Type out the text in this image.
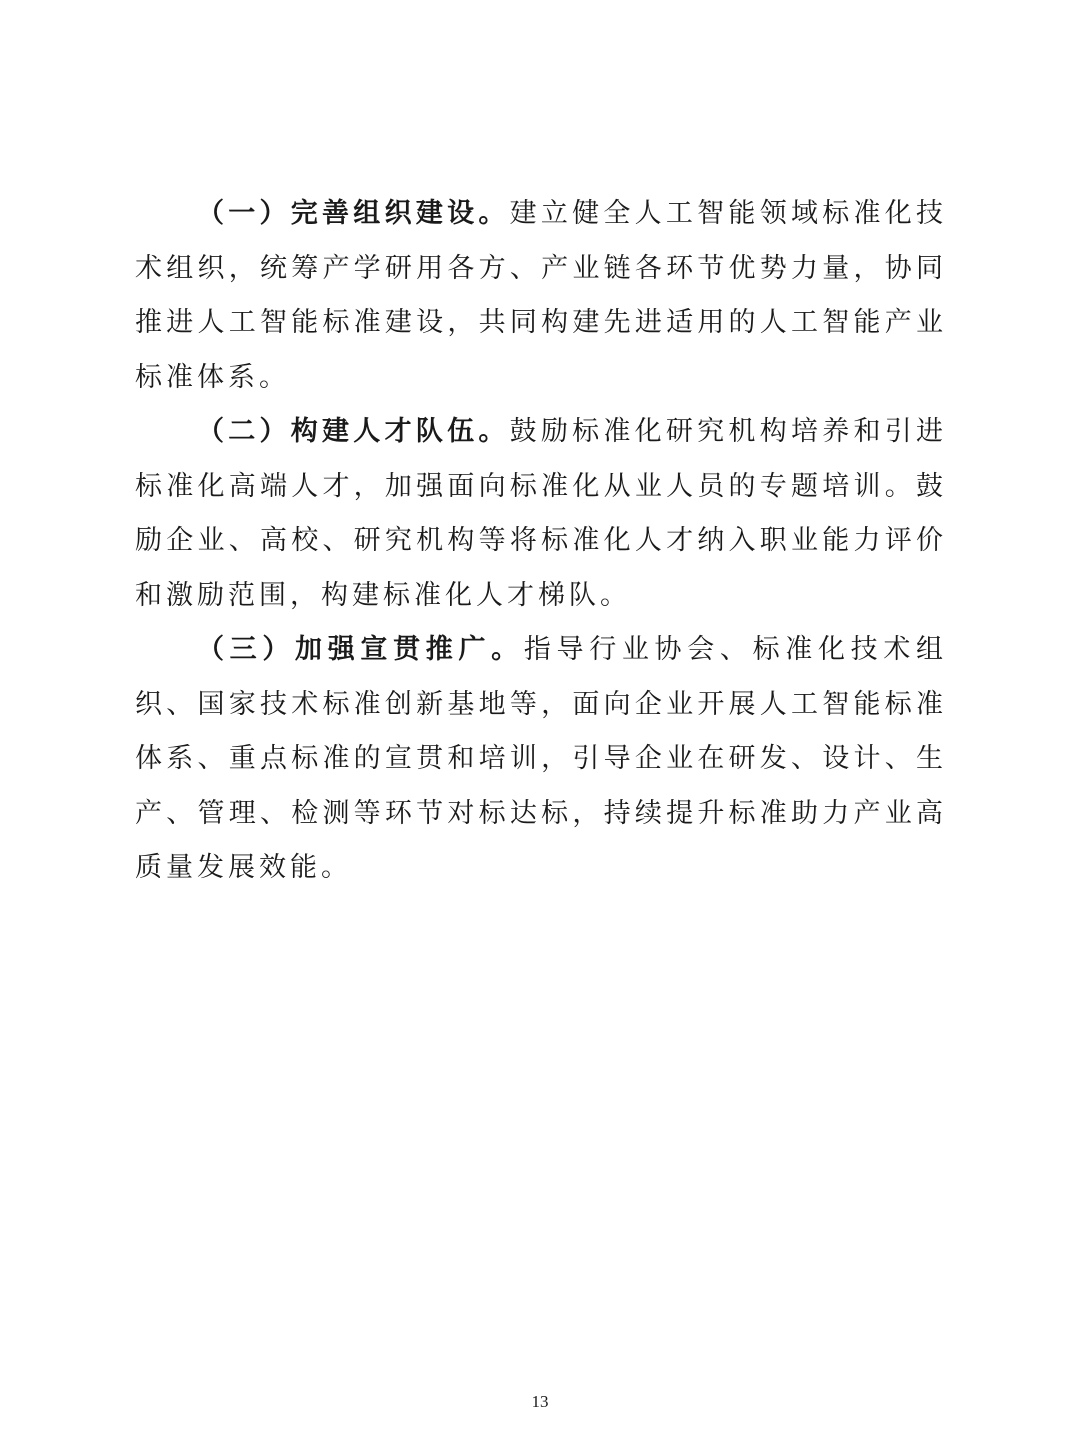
（一）完善组织建设。建立健全人工智能领域标准化技术组织，统筹产学研用各方、产业链各环节优势力量，协同推进人工智能标准建设，共同构建先进适用的人工智能产业标准体系。

（二）构建人才队伍。鼓励标准化研究机构培养和引进标准化高端人才，加强面向标准化从业人员的专题培训。鼓励企业、高校、研究机构等将标准化人才纳入职业能力评价和激励范围，构建标准化人才梯队。

（三）加强宣贯推广。指导行业协会、标准化技术组织、国家技术标准创新基地等，面向企业开展人工智能标准体系、重点标准的宣贯和培训，引导企业在研发、设计、生产、管理、检测等环节对标达标，持续提升标准助力产业高质量发展效能。

13
